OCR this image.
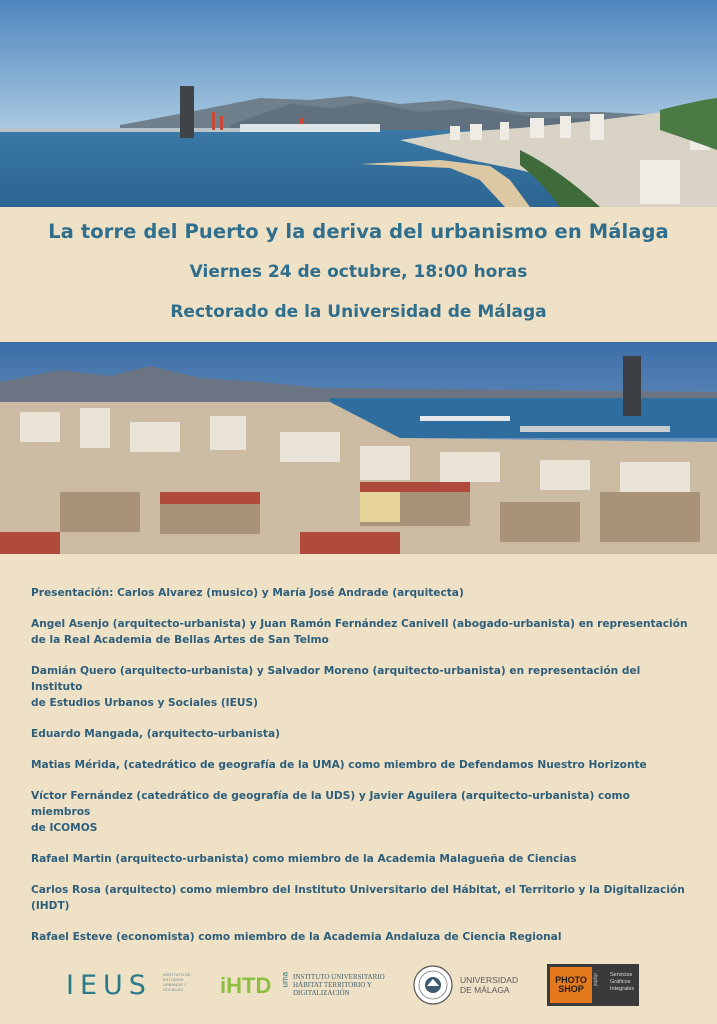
La torre del Puerto y la deriva del urbanismo en Málaga
Viernes 24 de octubre, 18:00 horas
Rectorado de la Universidad de Málaga

Presentación: Carlos Alvarez (musico) y María José Andrade (arquitecta)

Angel Asenjo (arquitecto-urbanista) y Juan Ramón Fernández Canivell (abogado-urbanista) en representación
de la Real Academia de Bellas Artes de San Telmo

Damián Quero (arquitecto-urbanista) y Salvador Moreno (arquitecto-urbanista) en representación del Instituto
de Estudios Urbanos y Sociales (IEUS)

Eduardo Mangada, (arquitecto-urbanista)

Matias Mérida, (catedrático de geografía de la UMA) como miembro de Defendamos Nuestro Horizonte

Víctor Fernández (catedrático de geografía de la UDS) y Javier Aguilera (arquitecto-urbanista) como miembros
de ICOMOS

Rafael Martin (arquitecto-urbanista) como miembro de la Academia Malagueña de Ciencias

Carlos Rosa (arquitecto) como miembro del Instituto Universitario del Hábitat, el Territorio y la Digitalización (IHDT)

Rafael Esteve (economista) como miembro de la Academia Andaluza de Ciencia Regional

IEUS	INSTITUTO DE ESTUDIOS URBANOS Y SOCIALES	iHTD uma INSTITUTO UNIVERSITARIO
HÁBITAT TERRITORIO Y
DIGITALIZACIÓN
UNIVERSIDAD
DE MÁLAGA
PHOTO
SHOP
digital Servicios
Gráficos
Integrales
